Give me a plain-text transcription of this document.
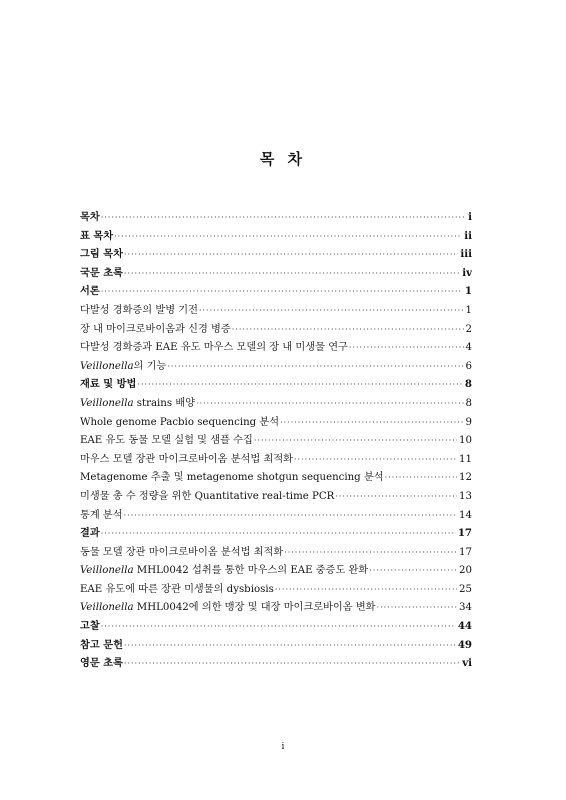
목 차
목차 ·····	i
표 목차 ·····	ii
그림 목차 ·····	iii
국문 초록 ·····	iv
서론 ·····	1
다발성 경화증의 발병 기전 ·····	1
장 내 마이크로바이옴과 신경 병증 ·····	2
다발성 경화증과 EAE 유도 마우스 모델의 장 내 미생물 연구 ·····	4
Veillonella의 기능 ·····	6
재료 및 방법 ·····	8
Veillonella strains 배양 ·····	8
Whole genome Pacbio sequencing 분석 ·····	9
EAE 유도 동물 모델 실험 및 샘플 수집 ·····	10
마우스 모델 장관 마이크로바이옴 분석법 최적화 ·····	11
Metagenome 추출 및 metagenome shotgun sequencing 분석 ·····	12
미생물 총 수 정량을 위한 Quantitative real-time PCR ·····	13
통계 분석 ·····	14
결과 ·····	17
동물 모델 장관 마이크로바이옴 분석법 최적화 ·····	17
Veillonella MHL0042 섭취를 통한 마우스의 EAE 중증도 완화 ·····	20
EAE 유도에 따른 장관 미생물의 dysbiosis ·····	25
Veillonella MHL0042에 의한 맹장 및 대장 마이크로바이옴 변화 ·····	34
고찰 ·····	44
참고 문헌 ·····	49
영문 초록 ·····	vi
i
